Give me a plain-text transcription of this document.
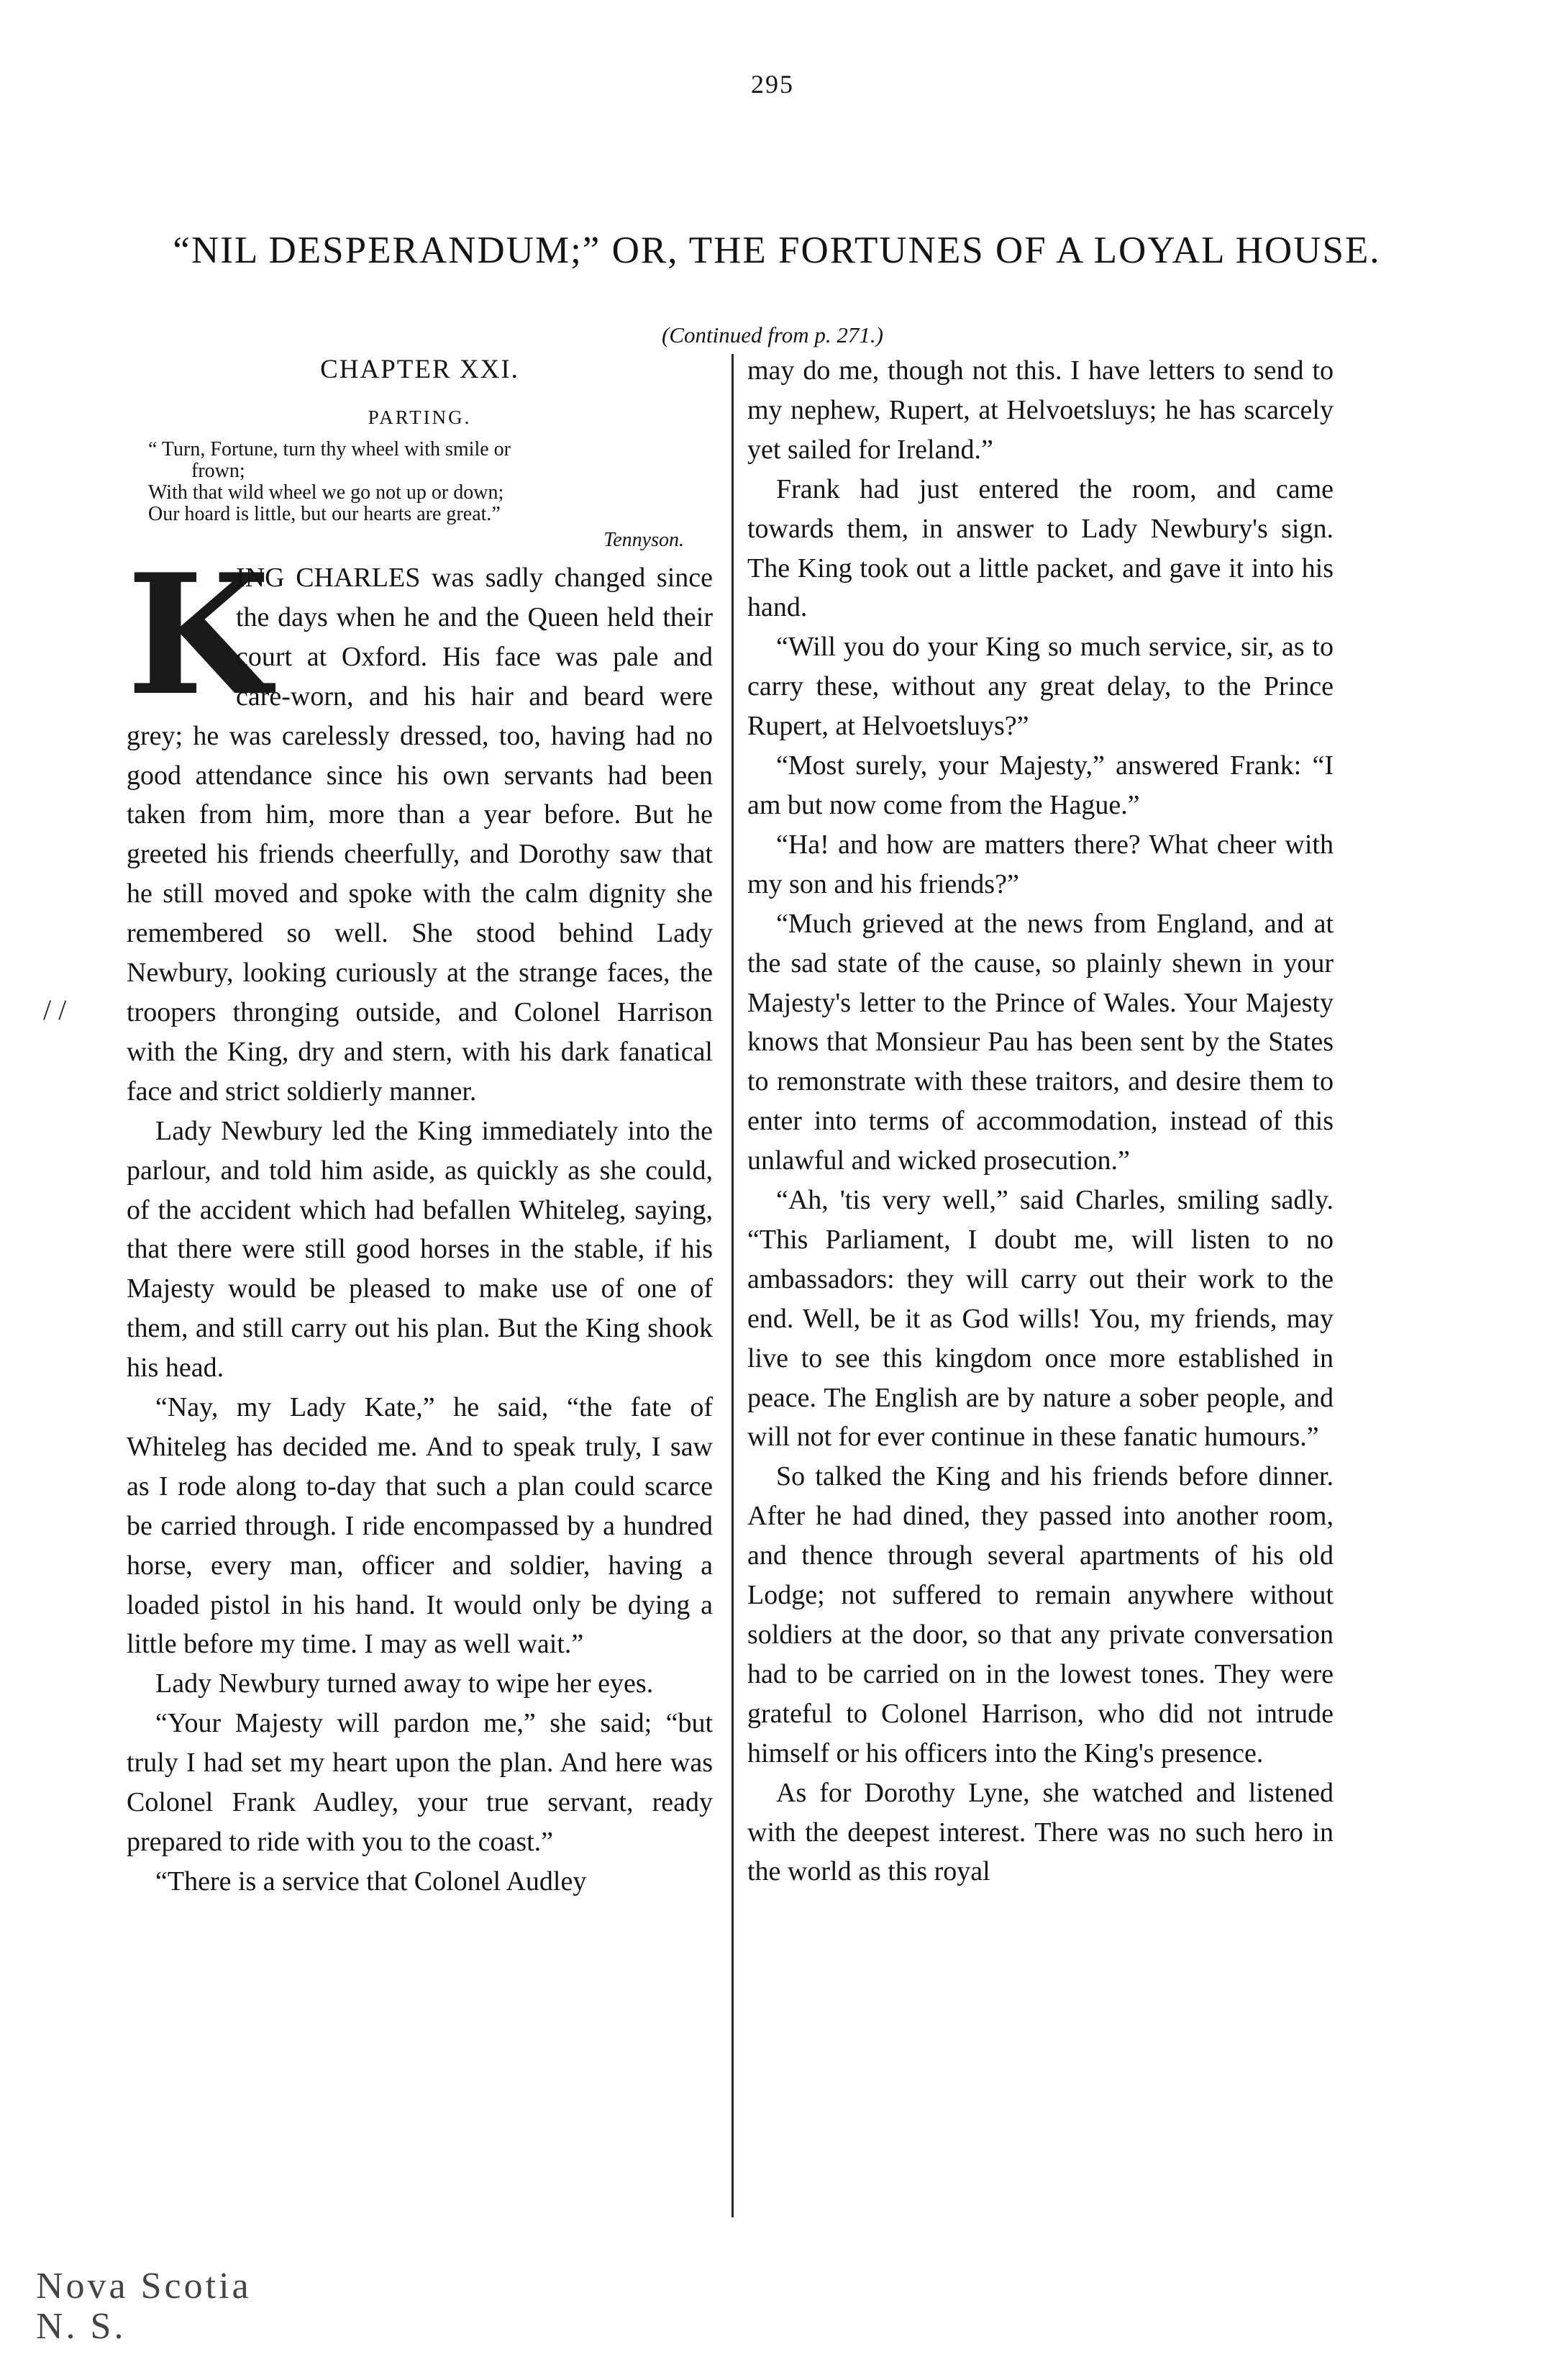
295
“NIL DESPERANDUM;” OR, THE FORTUNES OF A LOYAL HOUSE.
(Continued from p. 271.)
CHAPTER XXI.
PARTING.
“ Turn, Fortune, turn thy wheel with smile or
frown;
With that wild wheel we go not up or down;
Our hoard is little, but our hearts are great.”
Tennyson.

K
ING CHARLES was sadly changed since the days when he and the Queen held their court at Oxford. His face was pale and care-worn, and his hair and beard were grey; he was carelessly dressed, too, having had no good attendance since his own servants had been taken from him, more than a year before. But he greeted his friends cheerfully, and Dorothy saw that he still moved and spoke with the calm dignity she remembered so well. She stood behind Lady Newbury, looking curiously at the strange faces, the troopers thronging outside, and Colonel Harrison with the King, dry and stern, with his dark fanatical face and strict soldierly manner.

Lady Newbury led the King immediately into the parlour, and told him aside, as quickly as she could, of the accident which had befallen Whiteleg, saying, that there were still good horses in the stable, if his Majesty would be pleased to make use of one of them, and still carry out his plan. But the King shook his head.

“Nay, my Lady Kate,” he said, “the fate of Whiteleg has decided me. And to speak truly, I saw as I rode along to-day that such a plan could scarce be carried through. I ride encompassed by a hundred horse, every man, officer and soldier, having a loaded pistol in his hand. It would only be dying a little before my time. I may as well wait.”

Lady Newbury turned away to wipe her eyes.

“Your Majesty will pardon me,” she said; “but truly I had set my heart upon the plan. And here was Colonel Frank Audley, your true servant, ready prepared to ride with you to the coast.”

“There is a service that Colonel Audley

may do me, though not this. I have letters to send to my nephew, Rupert, at Helvoetsluys; he has scarcely yet sailed for Ireland.”

Frank had just entered the room, and came towards them, in answer to Lady Newbury's sign. The King took out a little packet, and gave it into his hand.

“Will you do your King so much service, sir, as to carry these, without any great delay, to the Prince Rupert, at Helvoetsluys?”

“Most surely, your Majesty,” answered Frank: “I am but now come from the Hague.”

“Ha! and how are matters there? What cheer with my son and his friends?”

“Much grieved at the news from England, and at the sad state of the cause, so plainly shewn in your Majesty's letter to the Prince of Wales. Your Majesty knows that Monsieur Pau has been sent by the States to remonstrate with these traitors, and desire them to enter into terms of accommodation, instead of this unlawful and wicked prosecution.”

“Ah, 'tis very well,” said Charles, smiling sadly. “This Parliament, I doubt me, will listen to no ambassadors: they will carry out their work to the end. Well, be it as God wills! You, my friends, may live to see this kingdom once more established in peace. The English are by nature a sober people, and will not for ever continue in these fanatic humours.”

So talked the King and his friends before dinner. After he had dined, they passed into another room, and thence through several apartments of his old Lodge; not suffered to remain anywhere without soldiers at the door, so that any private conversation had to be carried on in the lowest tones. They were grateful to Colonel Harrison, who did not intrude himself or his officers into the King's presence.

As for Dorothy Lyne, she watched and listened with the deepest interest. There was no such hero in the world as this royal

/ /
Nova Scotia
N. S.
